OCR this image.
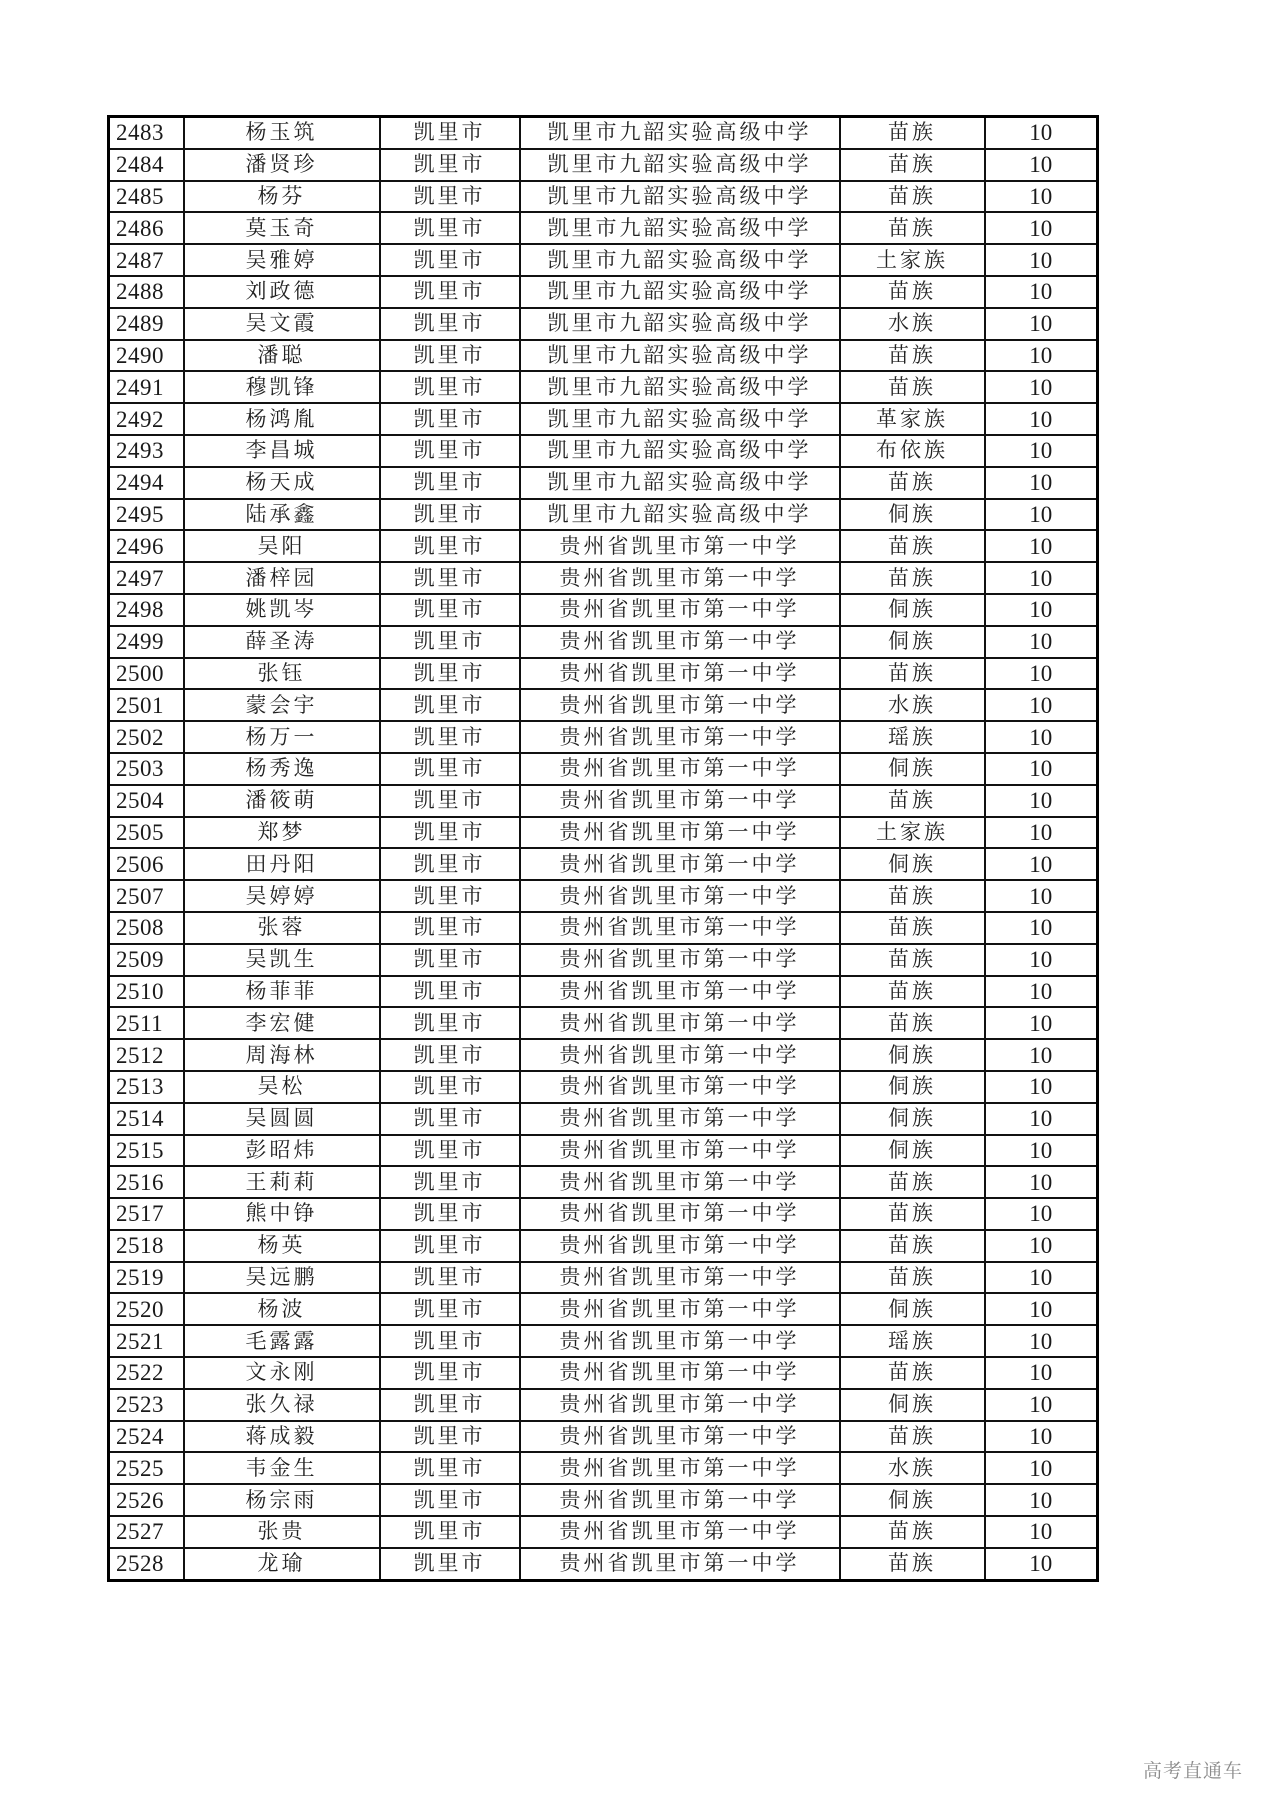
2483	杨玉筑	凯里市	凯里市九韶实验高级中学	苗族	10
2484	潘贤珍	凯里市	凯里市九韶实验高级中学	苗族	10
2485	杨芬	凯里市	凯里市九韶实验高级中学	苗族	10
2486	莫玉奇	凯里市	凯里市九韶实验高级中学	苗族	10
2487	吴雅婷	凯里市	凯里市九韶实验高级中学	土家族	10
2488	刘政德	凯里市	凯里市九韶实验高级中学	苗族	10
2489	吴文霞	凯里市	凯里市九韶实验高级中学	水族	10
2490	潘聪	凯里市	凯里市九韶实验高级中学	苗族	10
2491	穆凯锋	凯里市	凯里市九韶实验高级中学	苗族	10
2492	杨鸿胤	凯里市	凯里市九韶实验高级中学	革家族	10
2493	李昌城	凯里市	凯里市九韶实验高级中学	布依族	10
2494	杨天成	凯里市	凯里市九韶实验高级中学	苗族	10
2495	陆承鑫	凯里市	凯里市九韶实验高级中学	侗族	10
2496	吴阳	凯里市	贵州省凯里市第一中学	苗族	10
2497	潘梓园	凯里市	贵州省凯里市第一中学	苗族	10
2498	姚凯岑	凯里市	贵州省凯里市第一中学	侗族	10
2499	薛圣涛	凯里市	贵州省凯里市第一中学	侗族	10
2500	张钰	凯里市	贵州省凯里市第一中学	苗族	10
2501	蒙会宇	凯里市	贵州省凯里市第一中学	水族	10
2502	杨万一	凯里市	贵州省凯里市第一中学	瑶族	10
2503	杨秀逸	凯里市	贵州省凯里市第一中学	侗族	10
2504	潘筱萌	凯里市	贵州省凯里市第一中学	苗族	10
2505	郑梦	凯里市	贵州省凯里市第一中学	土家族	10
2506	田丹阳	凯里市	贵州省凯里市第一中学	侗族	10
2507	吴婷婷	凯里市	贵州省凯里市第一中学	苗族	10
2508	张蓉	凯里市	贵州省凯里市第一中学	苗族	10
2509	吴凯生	凯里市	贵州省凯里市第一中学	苗族	10
2510	杨菲菲	凯里市	贵州省凯里市第一中学	苗族	10
2511	李宏健	凯里市	贵州省凯里市第一中学	苗族	10
2512	周海林	凯里市	贵州省凯里市第一中学	侗族	10
2513	吴松	凯里市	贵州省凯里市第一中学	侗族	10
2514	吴圆圆	凯里市	贵州省凯里市第一中学	侗族	10
2515	彭昭炜	凯里市	贵州省凯里市第一中学	侗族	10
2516	王莉莉	凯里市	贵州省凯里市第一中学	苗族	10
2517	熊中铮	凯里市	贵州省凯里市第一中学	苗族	10
2518	杨英	凯里市	贵州省凯里市第一中学	苗族	10
2519	吴远鹏	凯里市	贵州省凯里市第一中学	苗族	10
2520	杨波	凯里市	贵州省凯里市第一中学	侗族	10
2521	毛露露	凯里市	贵州省凯里市第一中学	瑶族	10
2522	文永刚	凯里市	贵州省凯里市第一中学	苗族	10
2523	张久禄	凯里市	贵州省凯里市第一中学	侗族	10
2524	蒋成毅	凯里市	贵州省凯里市第一中学	苗族	10
2525	韦金生	凯里市	贵州省凯里市第一中学	水族	10
2526	杨宗雨	凯里市	贵州省凯里市第一中学	侗族	10
2527	张贵	凯里市	贵州省凯里市第一中学	苗族	10
2528	龙瑜	凯里市	贵州省凯里市第一中学	苗族	10
高考直通车
